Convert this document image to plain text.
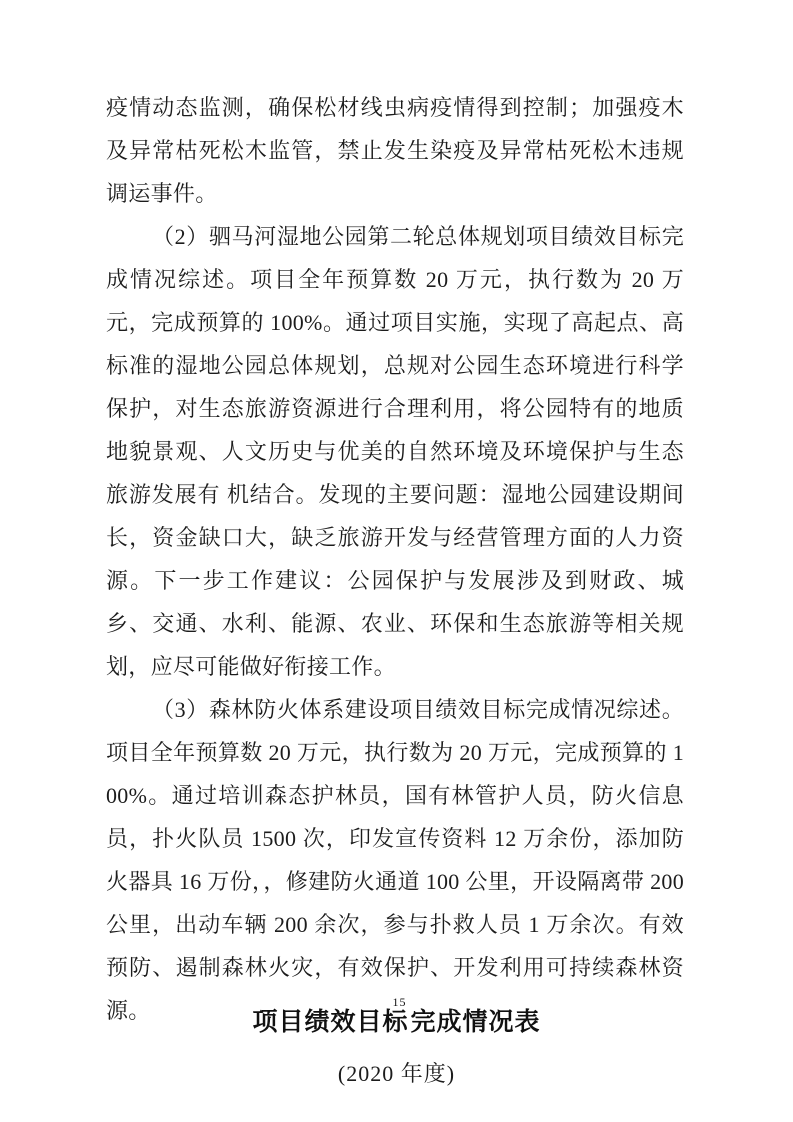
疫情动态监测，确保松材线虫病疫情得到控制；加强疫木及异常枯死松木监管，禁止发生染疫及异常枯死松木违规调运事件。

（2）驷马河湿地公园第二轮总体规划项目绩效目标完成情况综述。项目全年预算数 20 万元，执行数为 20 万元，完成预算的 100%。通过项目实施，实现了高起点、高标准的湿地公园总体规划，总规对公园生态环境进行科学保护，对生态旅游资源进行合理利用，将公园特有的地质地貌景观、人文历史与优美的自然环境及环境保护与生态旅游发展有 机结合。发现的主要问题：湿地公园建设期间长，资金缺口大，缺乏旅游开发与经营管理方面的人力资源。下一步工作建议：公园保护与发展涉及到财政、城乡、交通、水利、能源、农业、环保和生态旅游等相关规划，应尽可能做好衔接工作。

（3）森林防火体系建设项目绩效目标完成情况综述。项目全年预算数 20 万元，执行数为 20 万元，完成预算的 100%。通过培训森态护林员，国有林管护人员，防火信息员，扑火队员 1500 次，印发宣传资料 12 万余份，添加防火器具 16 万份，，修建防火通道 100 公里，开设隔离带 200 公里，出动车辆 200 余次，参与扑救人员 1 万余次。有效预防、遏制森林火灾，有效保护、开发利用可持续森林资源。	项目绩效目标$^{15}$完成情况表
(2020 年度)
